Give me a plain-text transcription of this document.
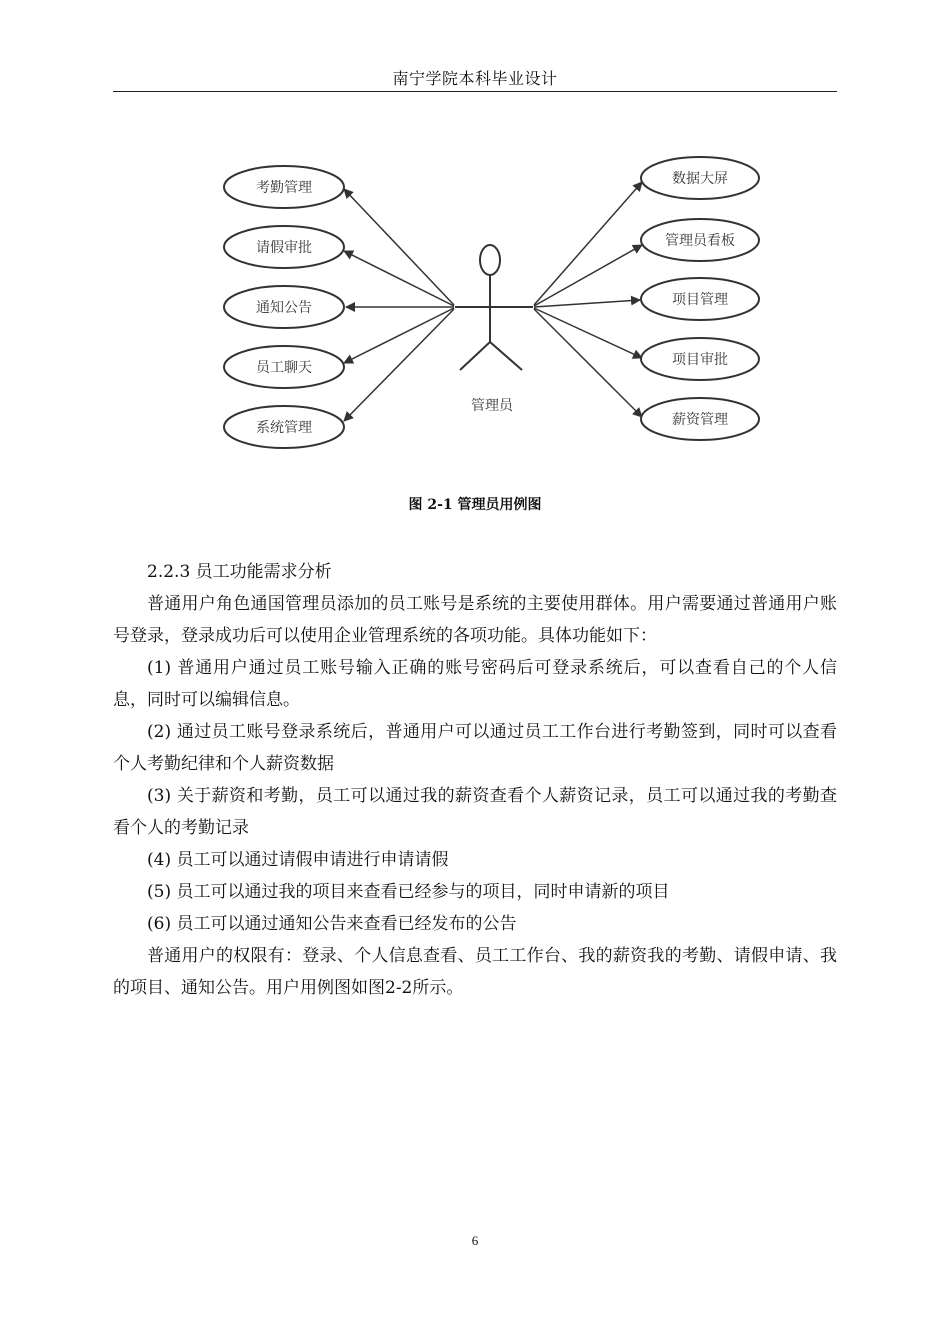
南宁学院本科毕业设计
管理员
考勤管理
请假审批
通知公告
员工聊天
系统管理
数据大屏
管理员看板
项目管理
项目审批
薪资管理
图 2-1 管理员用例图

2.2.3 员工功能需求分析

普通用户角色通国管理员添加的员工账号是系统的主要使用群体。用户需要通过普通用户账号登录，登录成功后可以使用企业管理系统的各项功能。具体功能如下：

(1) 普通用户通过员工账号输入正确的账号密码后可登录系统后，可以查看自己的个人信息，同时可以编辑信息。

(2) 通过员工账号登录系统后，普通用户可以通过员工工作台进行考勤签到，同时可以查看个人考勤纪律和个人薪资数据

(3) 关于薪资和考勤，员工可以通过我的薪资查看个人薪资记录，员工可以通过我的考勤查看个人的考勤记录

(4) 员工可以通过请假申请进行申请请假

(5) 员工可以通过我的项目来查看已经参与的项目，同时申请新的项目

(6) 员工可以通过通知公告来查看已经发布的公告

普通用户的权限有：登录、个人信息查看、员工工作台、我的薪资我的考勤、请假申请、我的项目、通知公告。用户用例图如图2-2所示。

6
